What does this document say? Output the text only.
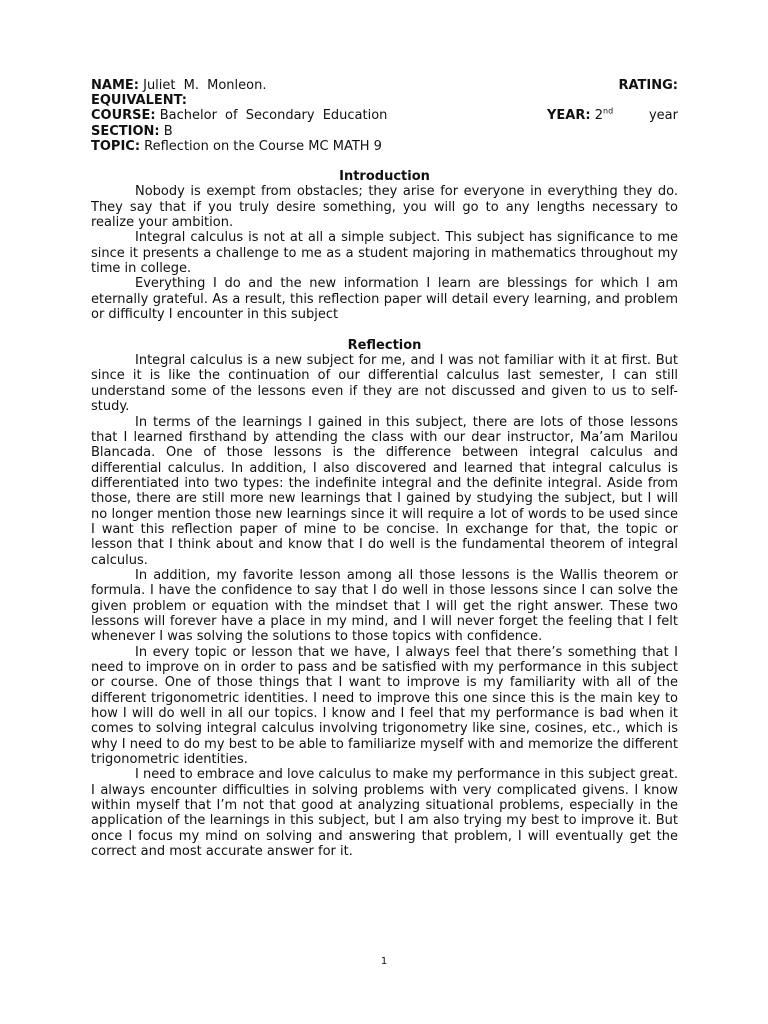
NAME: Juliet M. Monleon.	RATING:
EQUIVALENT:
COURSE: Bachelor of Secondary Education	YEAR: 2nd	year
SECTION: B
TOPIC: Reflection on the Course MC MATH 9
Introduction

Nobody is exempt from obstacles; they arise for everyone in everything they do. They say that if you truly desire something, you will go to any lengths necessary to realize your ambition.

Integral calculus is not at all a simple subject. This subject has significance to me since it presents a challenge to me as a student majoring in mathematics throughout my time in college.

Everything I do and the new information I learn are blessings for which I am eternally grateful. As a result, this reflection paper will detail every learning, and problem or difficulty I encounter in this subject

Reflection

Integral calculus is a new subject for me, and I was not familiar with it at first. But since it is like the continuation of our differential calculus last semester, I can still understand some of the lessons even if they are not discussed and given to us to self-study.

In terms of the learnings I gained in this subject, there are lots of those lessons that I learned firsthand by attending the class with our dear instructor, Ma’am Marilou Blancada. One of those lessons is the difference between integral calculus and differential calculus. In addition, I also discovered and learned that integral calculus is differentiated into two types: the indefinite integral and the definite integral. Aside from those, there are still more new learnings that I gained by studying the subject, but I will no longer mention those new learnings since it will require a lot of words to be used since I want this reflection paper of mine to be concise. In exchange for that, the topic or lesson that I think about and know that I do well is the fundamental theorem of integral calculus.

In addition, my favorite lesson among all those lessons is the Wallis theorem or formula. I have the confidence to say that I do well in those lessons since I can solve the given problem or equation with the mindset that I will get the right answer. These two lessons will forever have a place in my mind, and I will never forget the feeling that I felt whenever I was solving the solutions to those topics with confidence.

In every topic or lesson that we have, I always feel that there’s something that I need to improve on in order to pass and be satisfied with my performance in this subject or course. One of those things that I want to improve is my familiarity with all of the different trigonometric identities. I need to improve this one since this is the main key to how I will do well in all our topics. I know and I feel that my performance is bad when it comes to solving integral calculus involving trigonometry like sine, cosines, etc., which is why I need to do my best to be able to familiarize myself with and memorize the different trigonometric identities.

I need to embrace and love calculus to make my performance in this subject great. I always encounter difficulties in solving problems with very complicated givens. I know within myself that I’m not that good at analyzing situational problems, especially in the application of the learnings in this subject, but I am also trying my best to improve it. But once I focus my mind on solving and answering that problem, I will eventually get the correct and most accurate answer for it.

1
